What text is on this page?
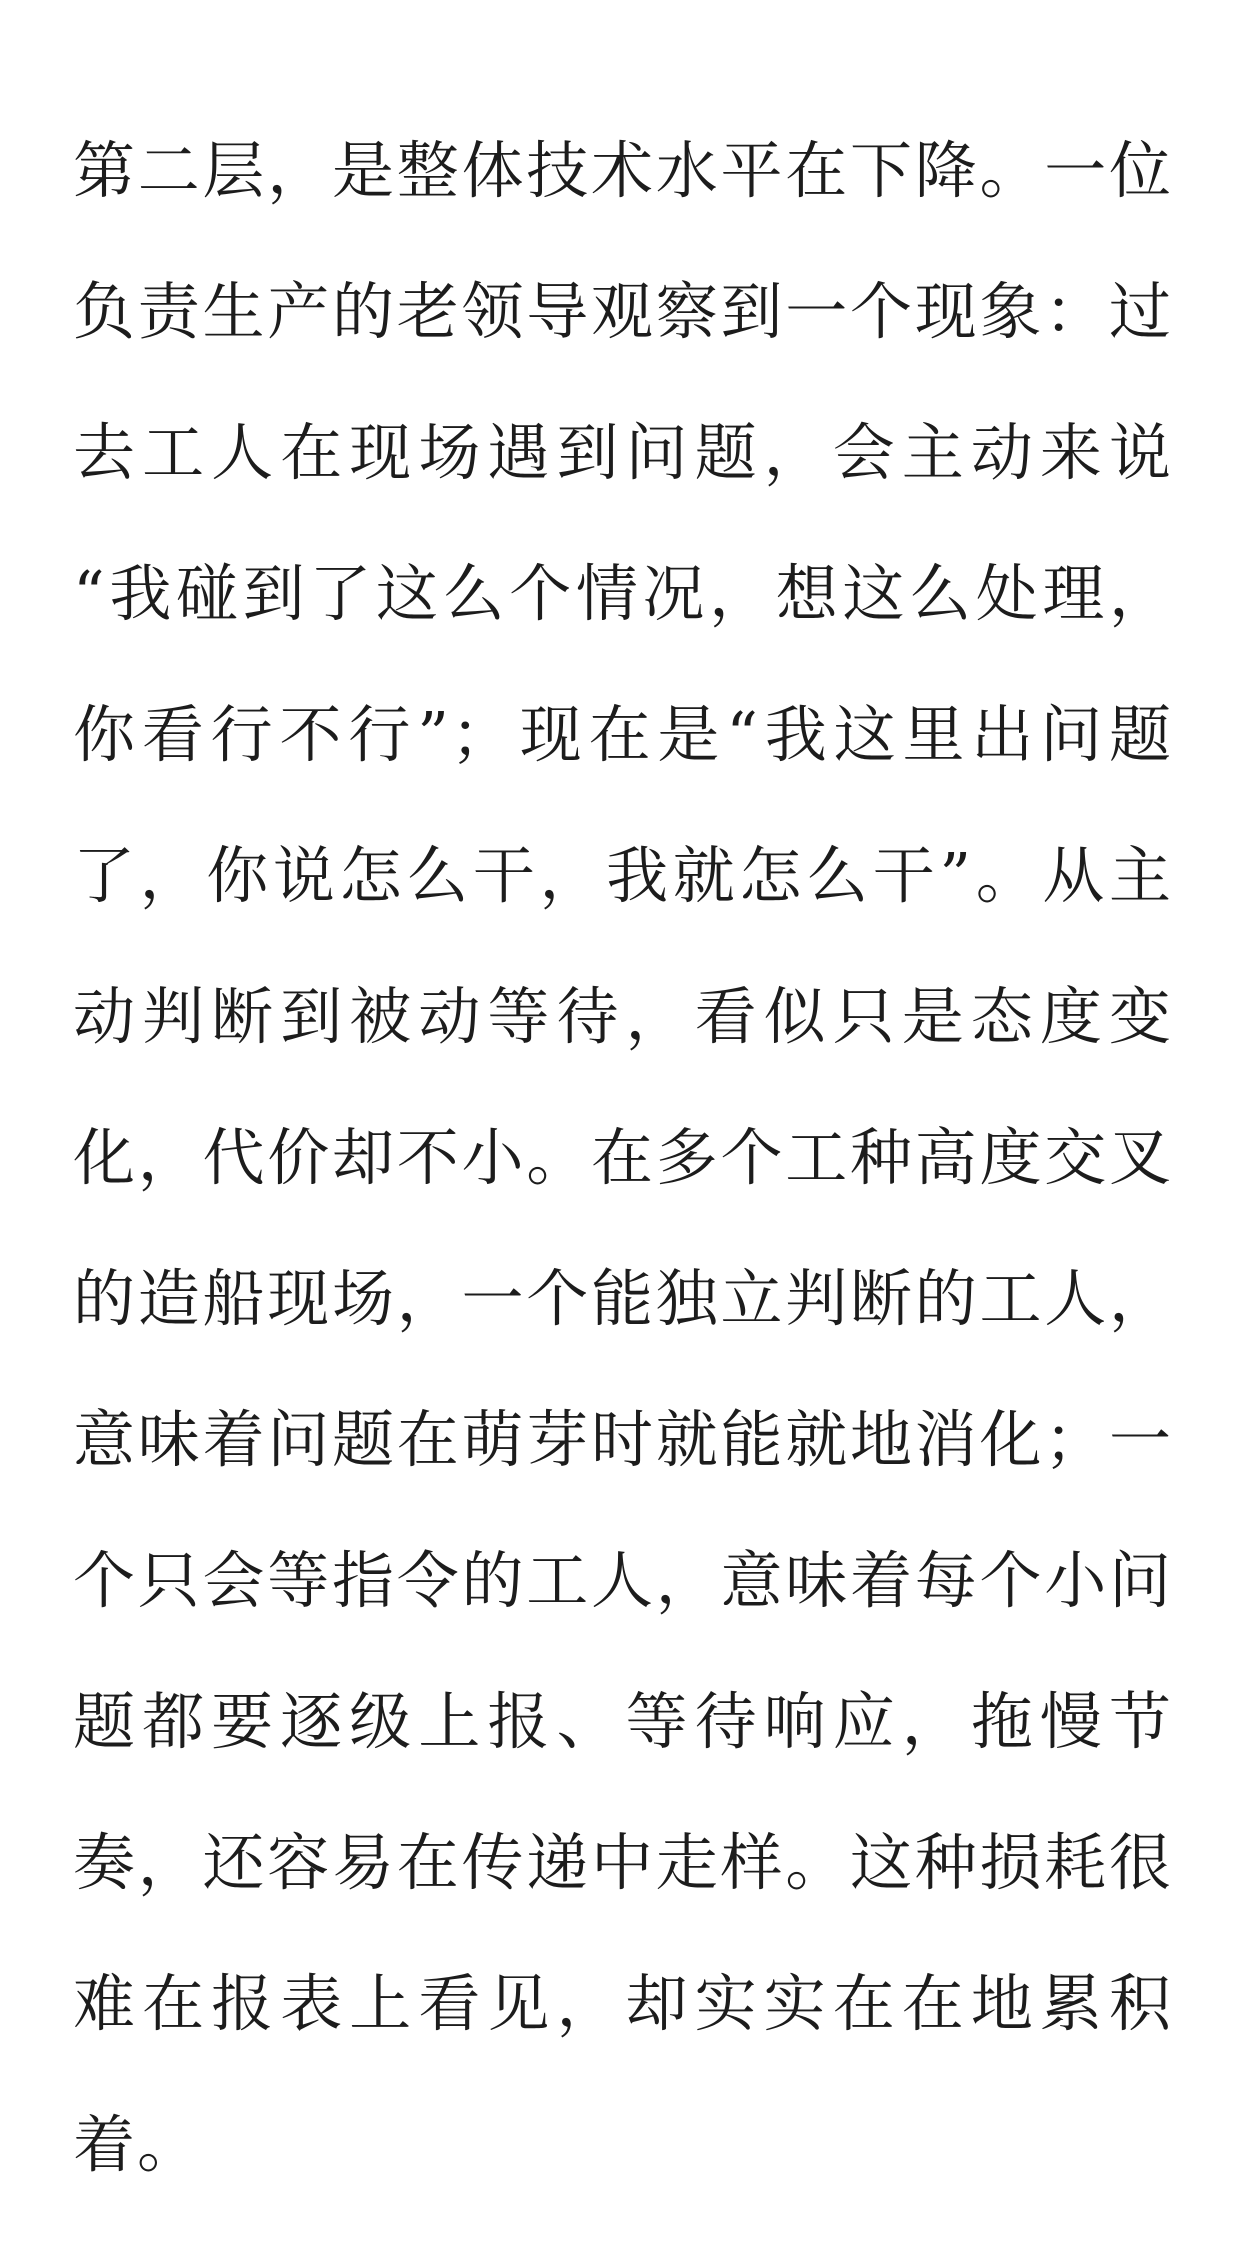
第二层，是整体技术水平在下降。一位
负责生产的老领导观察到一个现象：过
去工人在现场遇到问题，会主动来说
“我碰到了这么个情况，想这么处理，
你看行不行”；现在是“我这里出问题
了，你说怎么干，我就怎么干”。从主
动判断到被动等待，看似只是态度变
化，代价却不小。在多个工种高度交叉
的造船现场，一个能独立判断的工人，
意味着问题在萌芽时就能就地消化；一
个只会等指令的工人，意味着每个小问
题都要逐级上报、等待响应，拖慢节
奏，还容易在传递中走样。这种损耗很
难在报表上看见，却实实在在地累积
着。
